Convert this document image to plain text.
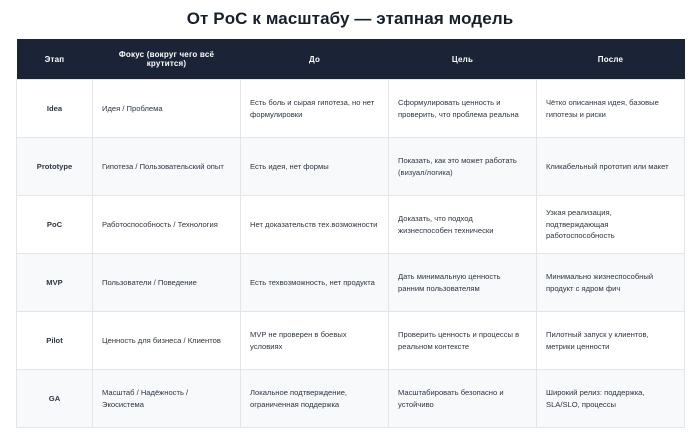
От PoC к масштабу — этапная модель
Этап	Фокус (вокруг чего всё крутится)	До	Цель	После
Idea	Идея / Проблема	Есть боль и сырая гипотеза, но нет формулировки	Сформулировать ценность и проверить, что проблема реальна	Чётко описанная идея, базовые гипотезы и риски
Prototype	Гипотеза / Пользовательский опыт	Есть идея, нет формы	Показать, как это может работать (визуал/логика)	Кликабельный прототип или макет
PoC	Работоспособность / Технология	Нет доказательств тех.возможности	Доказать, что подход жизнеспособен технически	Узкая реализация, подтверждающая работоспособность
MVP	Пользователи / Поведение	Есть техвозможность, нет продукта	Дать минимальную ценность ранним пользователям	Минимально жизнеспособный продукт с ядром фич
Pilot	Ценность для бизнеса / Клиентов	MVP не проверен в боевых условиях	Проверить ценность и процессы в реальном контексте	Пилотный запуск у клиентов, метрики ценности
GA	Масштаб / Надёжность / Экосистема	Локальное подтверждение, ограниченная поддержка	Масштабировать безопасно и устойчиво	Широкий релиз: поддержка, SLA/SLO, процессы
